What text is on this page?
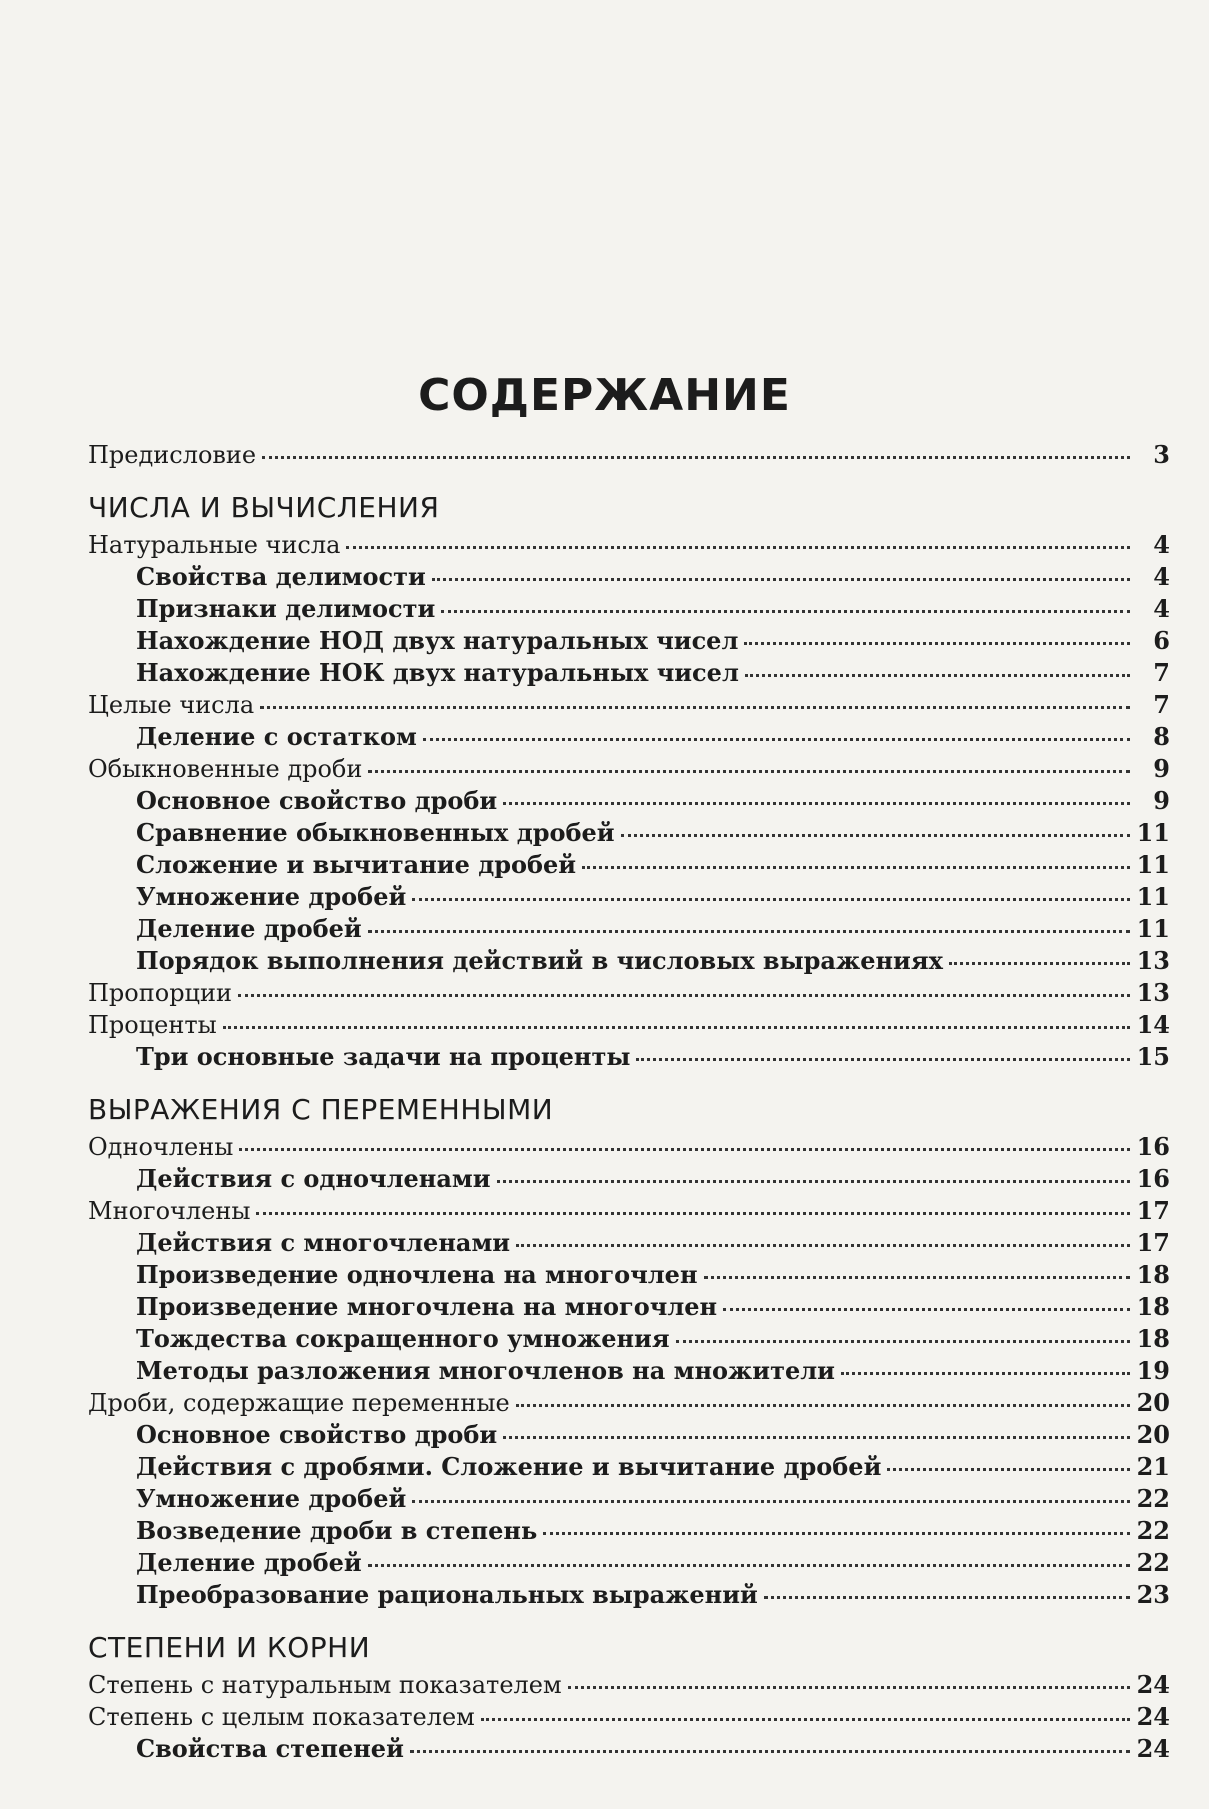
СОДЕРЖАНИЕ
Предисловие	3
ЧИСЛА И ВЫЧИСЛЕНИЯ
Натуральные числа	4
Свойства делимости	4
Признаки делимости	4
Нахождение НОД двух натуральных чисел	6
Нахождение НОК двух натуральных чисел	7
Целые числа	7
Деление с остатком	8
Обыкновенные дроби	9
Основное свойство дроби	9
Сравнение обыкновенных дробей	11
Сложение и вычитание дробей	11
Умножение дробей	11
Деление дробей	11
Порядок выполнения действий в числовых выражениях	13
Пропорции	13
Проценты	14
Три основные задачи на проценты	15
ВЫРАЖЕНИЯ С ПЕРЕМЕННЫМИ
Одночлены	16
Действия с одночленами	16
Многочлены	17
Действия с многочленами	17
Произведение одночлена на многочлен	18
Произведение многочлена на многочлен	18
Тождества сокращенного умножения	18
Методы разложения многочленов на множители	19
Дроби, содержащие переменные	20
Основное свойство дроби	20
Действия с дробями. Сложение и вычитание дробей	21
Умножение дробей	22
Возведение дроби в степень	22
Деление дробей	22
Преобразование рациональных выражений	23
СТЕПЕНИ И КОРНИ
Степень с натуральным показателем	24
Степень с целым показателем	24
Свойства степеней	24
